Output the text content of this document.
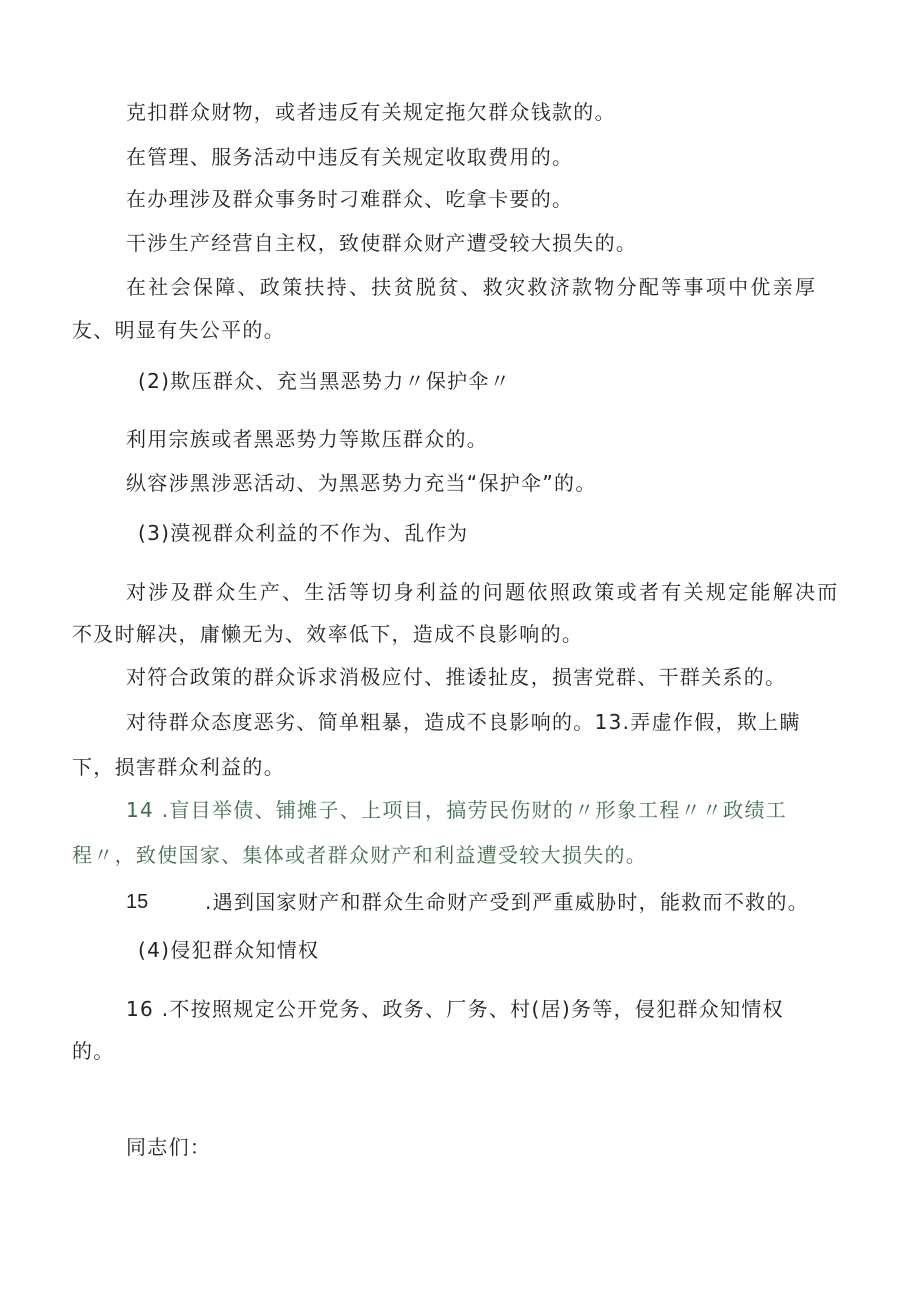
克扣群众财物，或者违反有关规定拖欠群众钱款的。
在管理、服务活动中违反有关规定收取费用的。
在办理涉及群众事务时刁难群众、吃拿卡要的。
干涉生产经营自主权，致使群众财产遭受较大损失的。
在社会保障、政策扶持、扶贫脱贫、救灾救济款物分配等事项中优亲厚
友、明显有失公平的。
(2)欺压群众、充当黑恶势力〃保护伞〃
利用宗族或者黑恶势力等欺压群众的。
纵容涉黑涉恶活动、为黑恶势力充当“保护伞”的。
(3)漠视群众利益的不作为、乱作为
对涉及群众生产、生活等切身利益的问题依照政策或者有关规定能解决而
不及时解决，庸懒无为、效率低下，造成不良影响的。
对符合政策的群众诉求消极应付、推诿扯皮，损害党群、干群关系的。
对待群众态度恶劣、简单粗暴，造成不良影响的。13.弄虚作假，欺上瞒
下，损害群众利益的。
14 .盲目举债、铺摊子、上项目，搞劳民伤财的〃形象工程〃〃政绩工
程〃，致使国家、集体或者群众财产和利益遭受较大损失的。
15	.遇到国家财产和群众生命财产受到严重威胁时，能救而不救的。
(4)侵犯群众知情权
16 .不按照规定公开党务、政务、厂务、村(居)务等，侵犯群众知情权
的。
同志们：
